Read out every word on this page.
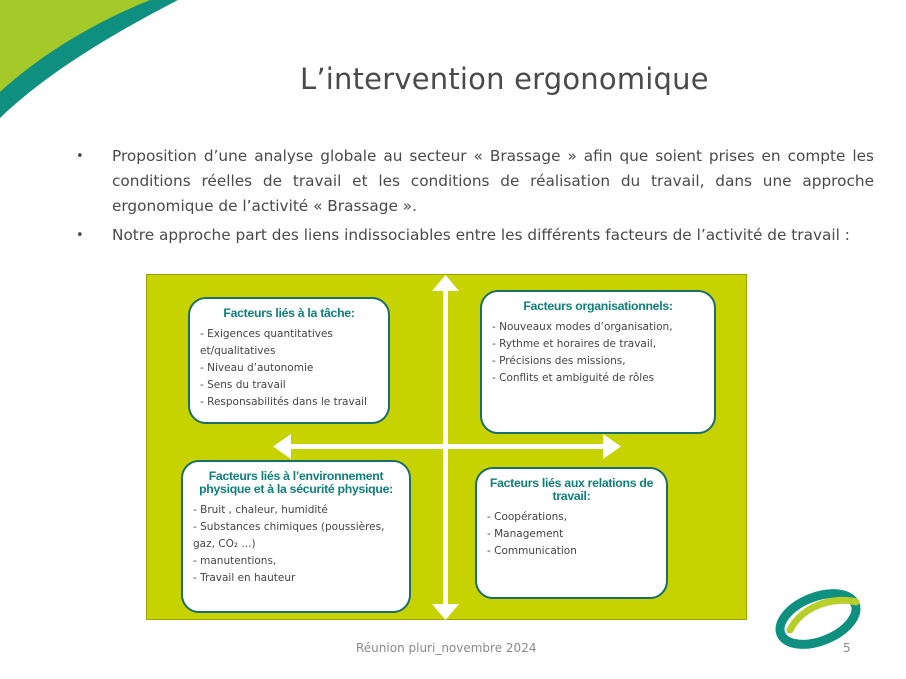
L’intervention ergonomique
• Proposition d’une analyse globale au secteur « Brassage » afin que soient prises en compte les conditions réelles de travail et les conditions de réalisation du travail, dans une approche ergonomique de l’activité « Brassage ».
• Notre approche part des liens indissociables entre les différents facteurs de l’activité de travail :
Facteurs liés à la tâche:
- Exigences quantitatives et/qualitatives
- Niveau d’autonomie
- Sens du travail
- Responsabilités dans le travail
Facteurs organisationnels:
- Nouveaux modes d’organisation,
- Rythme et horaires de travail,
- Précisions des missions,
- Conflits et ambiguité de rôles
Facteurs liés à l’environnement physique et à la sécurité physique:
- Bruit , chaleur, humidité
- Substances chimiques (poussières, gaz, CO₂ ...)
- manutentions,
- Travail en hauteur
Facteurs liés aux relations de travail:
- Coopérations,
- Management
- Communication
Réunion pluri_novembre 2024	5
